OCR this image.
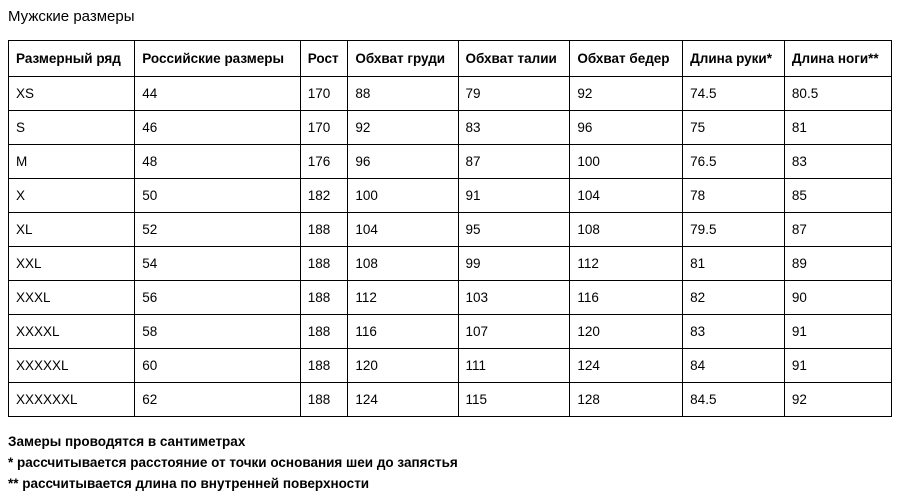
Мужские размеры
Размерный ряд	Российские размеры	Рост	Обхват груди	Обхват талии	Обхват бедер	Длина руки*	Длина ноги**
XS	44	170	88	79	92	74.5	80.5
S	46	170	92	83	96	75	81
M	48	176	96	87	100	76.5	83
X	50	182	100	91	104	78	85
XL	52	188	104	95	108	79.5	87
XXL	54	188	108	99	112	81	89
XXXL	56	188	112	103	116	82	90
XXXXL	58	188	116	107	120	83	91
XXXXXL	60	188	120	111	124	84	91
XXXXXXL	62	188	124	115	128	84.5	92
Замеры проводятся в сантиметрах
* рассчитывается расстояние от точки основания шеи до запястья
** рассчитывается длина по внутренней поверхности
